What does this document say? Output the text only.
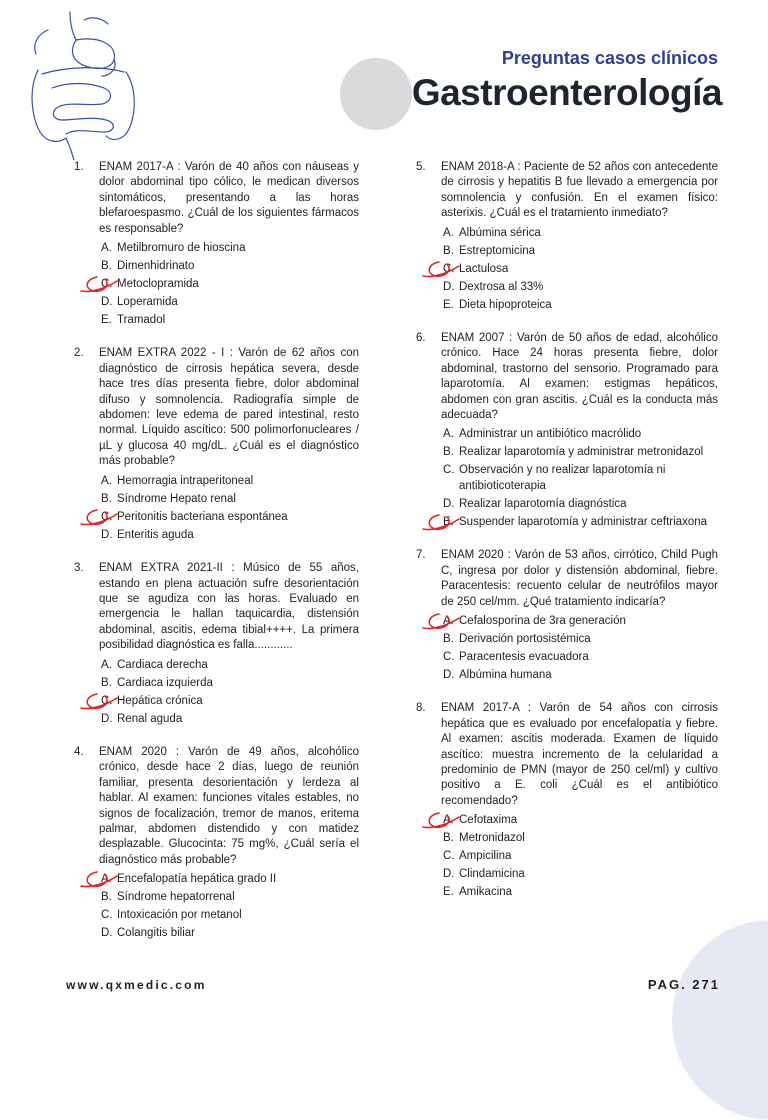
Preguntas casos clínicos
Gastroenterología
1. ENAM 2017-A : Varón de 40 años con náuseas y dolor abdominal tipo cólico, le medican diversos sintomáticos, presentando a las horas blefaroespasmo. ¿Cuál de los siguientes fármacos es responsable?
A. Metilbromuro de hioscina
B. Dimenhidrinato
C. Metoclopramida
D. Loperamida
E. Tramadol
2. ENAM EXTRA 2022 - I : Varón de 62 años con diagnóstico de cirrosis hepática severa, desde hace tres días presenta fiebre, dolor abdominal difuso y somnolencia. Radiografía simple de abdomen: leve edema de pared intestinal, resto normal. Líquido ascítico: 500 polimorfonucleares /µL y glucosa 40 mg/dL. ¿Cuál es el diagnóstico más probable?
A. Hemorragia intraperitoneal
B. Síndrome Hepato renal
C. Peritonitis bacteriana espontánea
D. Enteritis aguda
3. ENAM EXTRA 2021-II : Músico de 55 años, estando en plena actuación sufre desorientación que se agudiza con las horas. Evaluado en emergencia le hallan taquicardia, distensión abdominal, ascitis, edema tibial++++. La primera posibilidad diagnóstica es falla............
A. Cardiaca derecha
B. Cardiaca izquierda
C. Hepática crónica
D. Renal aguda
4. ENAM 2020 : Varón de 49 años, alcohólico crónico, desde hace 2 días, luego de reunión familiar, presenta desorientación y lerdeza al hablar. Al examen: funciones vitales estables, no signos de focalización, tremor de manos, eritema palmar, abdomen distendido y con matidez desplazable. Glucocinta: 75 mg%, ¿Cuál sería el diagnóstico más probable?
A. Encefalopatía hepática grado II
B. Síndrome hepatorrenal
C. Intoxicación por metanol
D. Colangitis biliar
5. ENAM 2018-A : Paciente de 52 años con antecedente de cirrosis y hepatitis B fue llevado a emergencia por somnolencia y confusión. En el examen físico: asterixis. ¿Cuál es el tratamiento inmediato?
A. Albúmina sérica
B. Estreptomicina
C. Lactulosa
D. Dextrosa al 33%
E. Dieta hipoproteica
6. ENAM 2007 : Varón de 50 años de edad, alcohólico crónico. Hace 24 horas presenta fiebre, dolor abdominal, trastorno del sensorio. Programado para laparotomía. Al examen: estigmas hepáticos, abdomen con gran ascitis. ¿Cuál es la conducta más adecuada?
A. Administrar un antibiótico macrólido
B. Realizar laparotomía y administrar metronidazol
C. Observación y no realizar laparotomía ni antibioticoterapia
D. Realizar laparotomía diagnóstica
E. Suspender laparotomía y administrar ceftriaxona
7. ENAM 2020 : Varón de 53 años, cirrótico, Child Pugh C, ingresa por dolor y distensión abdominal, fiebre. Paracentesis: recuento celular de neutrófilos mayor de 250 cel/mm. ¿Qué tratamiento indicaría?
A. Cefalosporina de 3ra generación
B. Derivación portosistémica
C. Paracentesis evacuadora
D. Albúmina humana
8. ENAM 2017-A : Varón de 54 años con cirrosis hepática que es evaluado por encefalopatía y fiebre. Al examen: ascitis moderada. Examen de líquido ascítico: muestra incremento de la celularidad a predominio de PMN (mayor de 250 cel/ml) y cultivo positivo a E. coli ¿Cuál es el antibiótico recomendado?
A. Cefotaxima
B. Metronidazol
C. Ampicilina
D. Clindamicina
E. Amikacina
www.qxmedic.com	PAG. 271
